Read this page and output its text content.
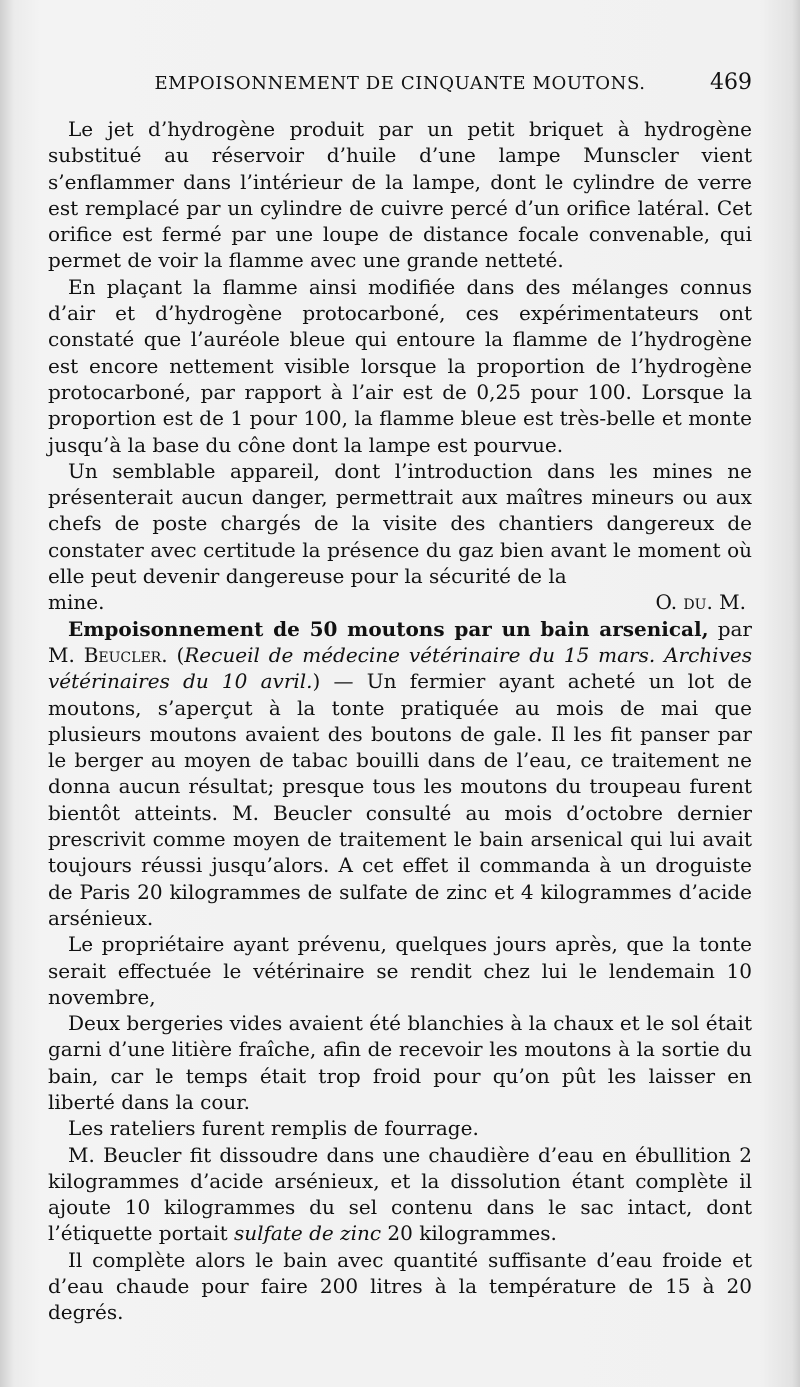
EMPOISONNEMENT DE CINQUANTE MOUTONS.	469

Le jet d’hydrogène produit par un petit briquet à hydrogène substitué au réservoir d’huile d’une lampe Munscler vient s’enflammer dans l’intérieur de la lampe, dont le cylindre de verre est remplacé par un cylindre de cuivre percé d’un orifice latéral. Cet orifice est fermé par une loupe de distance focale convenable, qui permet de voir la flamme avec une grande netteté.

En plaçant la flamme ainsi modifiée dans des mélanges connus d’air et d’hydrogène protocarboné, ces expérimentateurs ont constaté que l’auréole bleue qui entoure la flamme de l’hydrogène est encore nettement visible lorsque la proportion de l’hydrogène protocarboné, par rapport à l’air est de 0,25 pour 100. Lorsque la proportion est de 1 pour 100, la flamme bleue est très-belle et monte jusqu’à la base du cône dont la lampe est pourvue.

Un semblable appareil, dont l’introduction dans les mines ne présenterait aucun danger, permettrait aux maîtres mineurs ou aux chefs de poste chargés de la visite des chantiers dangereux de constater avec certitude la présence du gaz bien avant le moment où elle peut devenir dangereuse pour la sécurité de la

mine.	O. du. M.

Empoisonnement de 50 moutons par un bain arsenical, par M. Beucler. (Recueil de médecine vétérinaire du 15 mars. Archives vétérinaires du 10 avril.) — Un fermier ayant acheté un lot de moutons, s’aperçut à la tonte pratiquée au mois de mai que plusieurs moutons avaient des boutons de gale. Il les fit panser par le berger au moyen de tabac bouilli dans de l’eau, ce traitement ne donna aucun résultat; presque tous les moutons du troupeau furent bientôt atteints. M. Beucler consulté au mois d’octobre dernier prescrivit comme moyen de traitement le bain arsenical qui lui avait toujours réussi jusqu’alors. A cet effet il commanda à un droguiste de Paris 20 kilogrammes de sulfate de zinc et 4 kilogrammes d’acide arsénieux.

Le propriétaire ayant prévenu, quelques jours après, que la tonte serait effectuée le vétérinaire se rendit chez lui le lendemain 10 novembre,

Deux bergeries vides avaient été blanchies à la chaux et le sol était garni d’une litière fraîche, afin de recevoir les moutons à la sortie du bain, car le temps était trop froid pour qu’on pût les laisser en liberté dans la cour.

Les rateliers furent remplis de fourrage.

M. Beucler fit dissoudre dans une chaudière d’eau en ébullition 2 kilogrammes d’acide arsénieux, et la dissolution étant complète il ajoute 10 kilogrammes du sel contenu dans le sac intact, dont l’étiquette portait sulfate de zinc 20 kilogrammes.

Il complète alors le bain avec quantité suffisante d’eau froide et d’eau chaude pour faire 200 litres à la température de 15 à 20 degrés.
